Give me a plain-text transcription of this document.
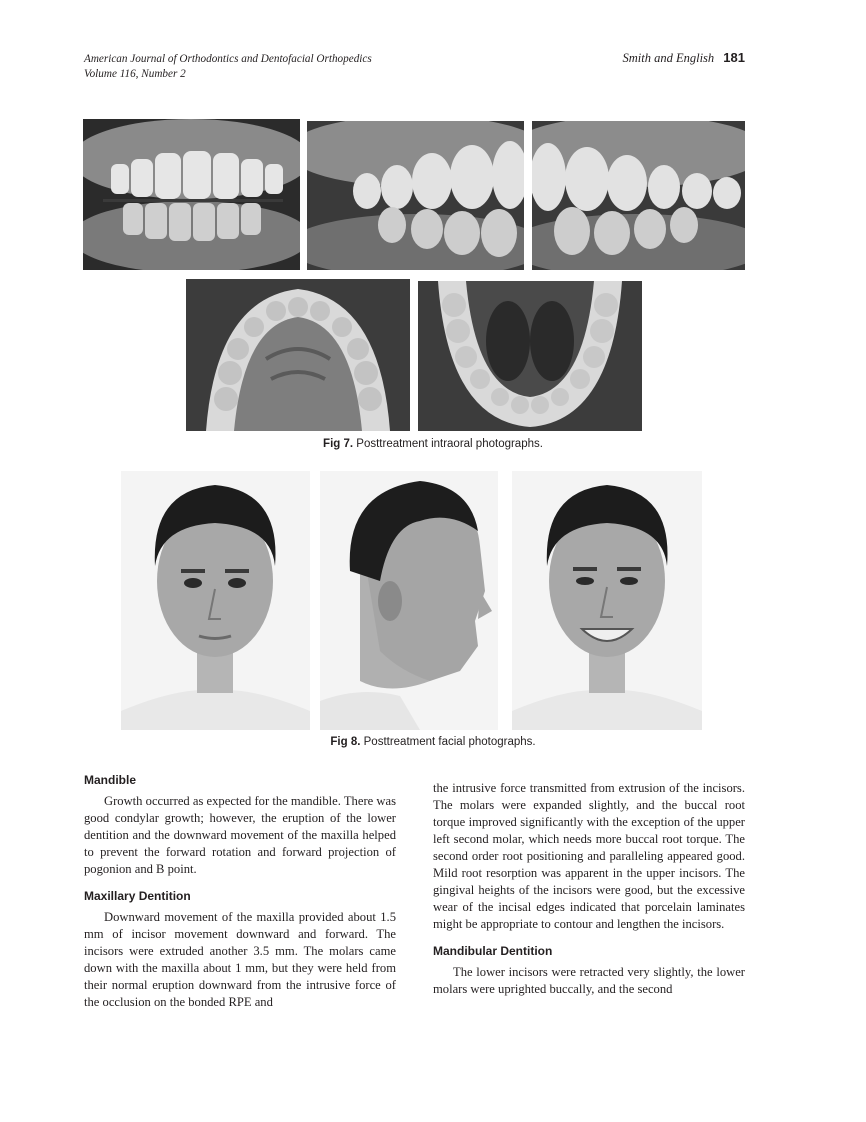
American Journal of Orthodontics and Dentofacial Orthopedics
Volume 116, Number 2
Smith and English 181
Fig 7. Posttreatment intraoral photographs.
Fig 8. Posttreatment facial photographs.
Mandible

Growth occurred as expected for the mandible. There was good condylar growth; however, the eruption of the lower dentition and the downward movement of the maxilla helped to prevent the forward rotation and forward projection of pogonion and B point.

Maxillary Dentition

Downward movement of the maxilla provided about 1.5 mm of incisor movement downward and forward. The incisors were extruded another 3.5 mm. The molars came down with the maxilla about 1 mm, but they were held from their normal eruption downward from the intrusive force of the occlusion on the bonded RPE and

the intrusive force transmitted from extrusion of the incisors. The molars were expanded slightly, and the buccal root torque improved significantly with the exception of the upper left second molar, which needs more buccal root torque. The second order root positioning and paralleling appeared good. Mild root resorption was apparent in the upper incisors. The gingival heights of the incisors were good, but the excessive wear of the incisal edges indicated that porcelain laminates might be appropriate to contour and lengthen the incisors.

Mandibular Dentition

The lower incisors were retracted very slightly, the lower molars were uprighted buccally, and the second
